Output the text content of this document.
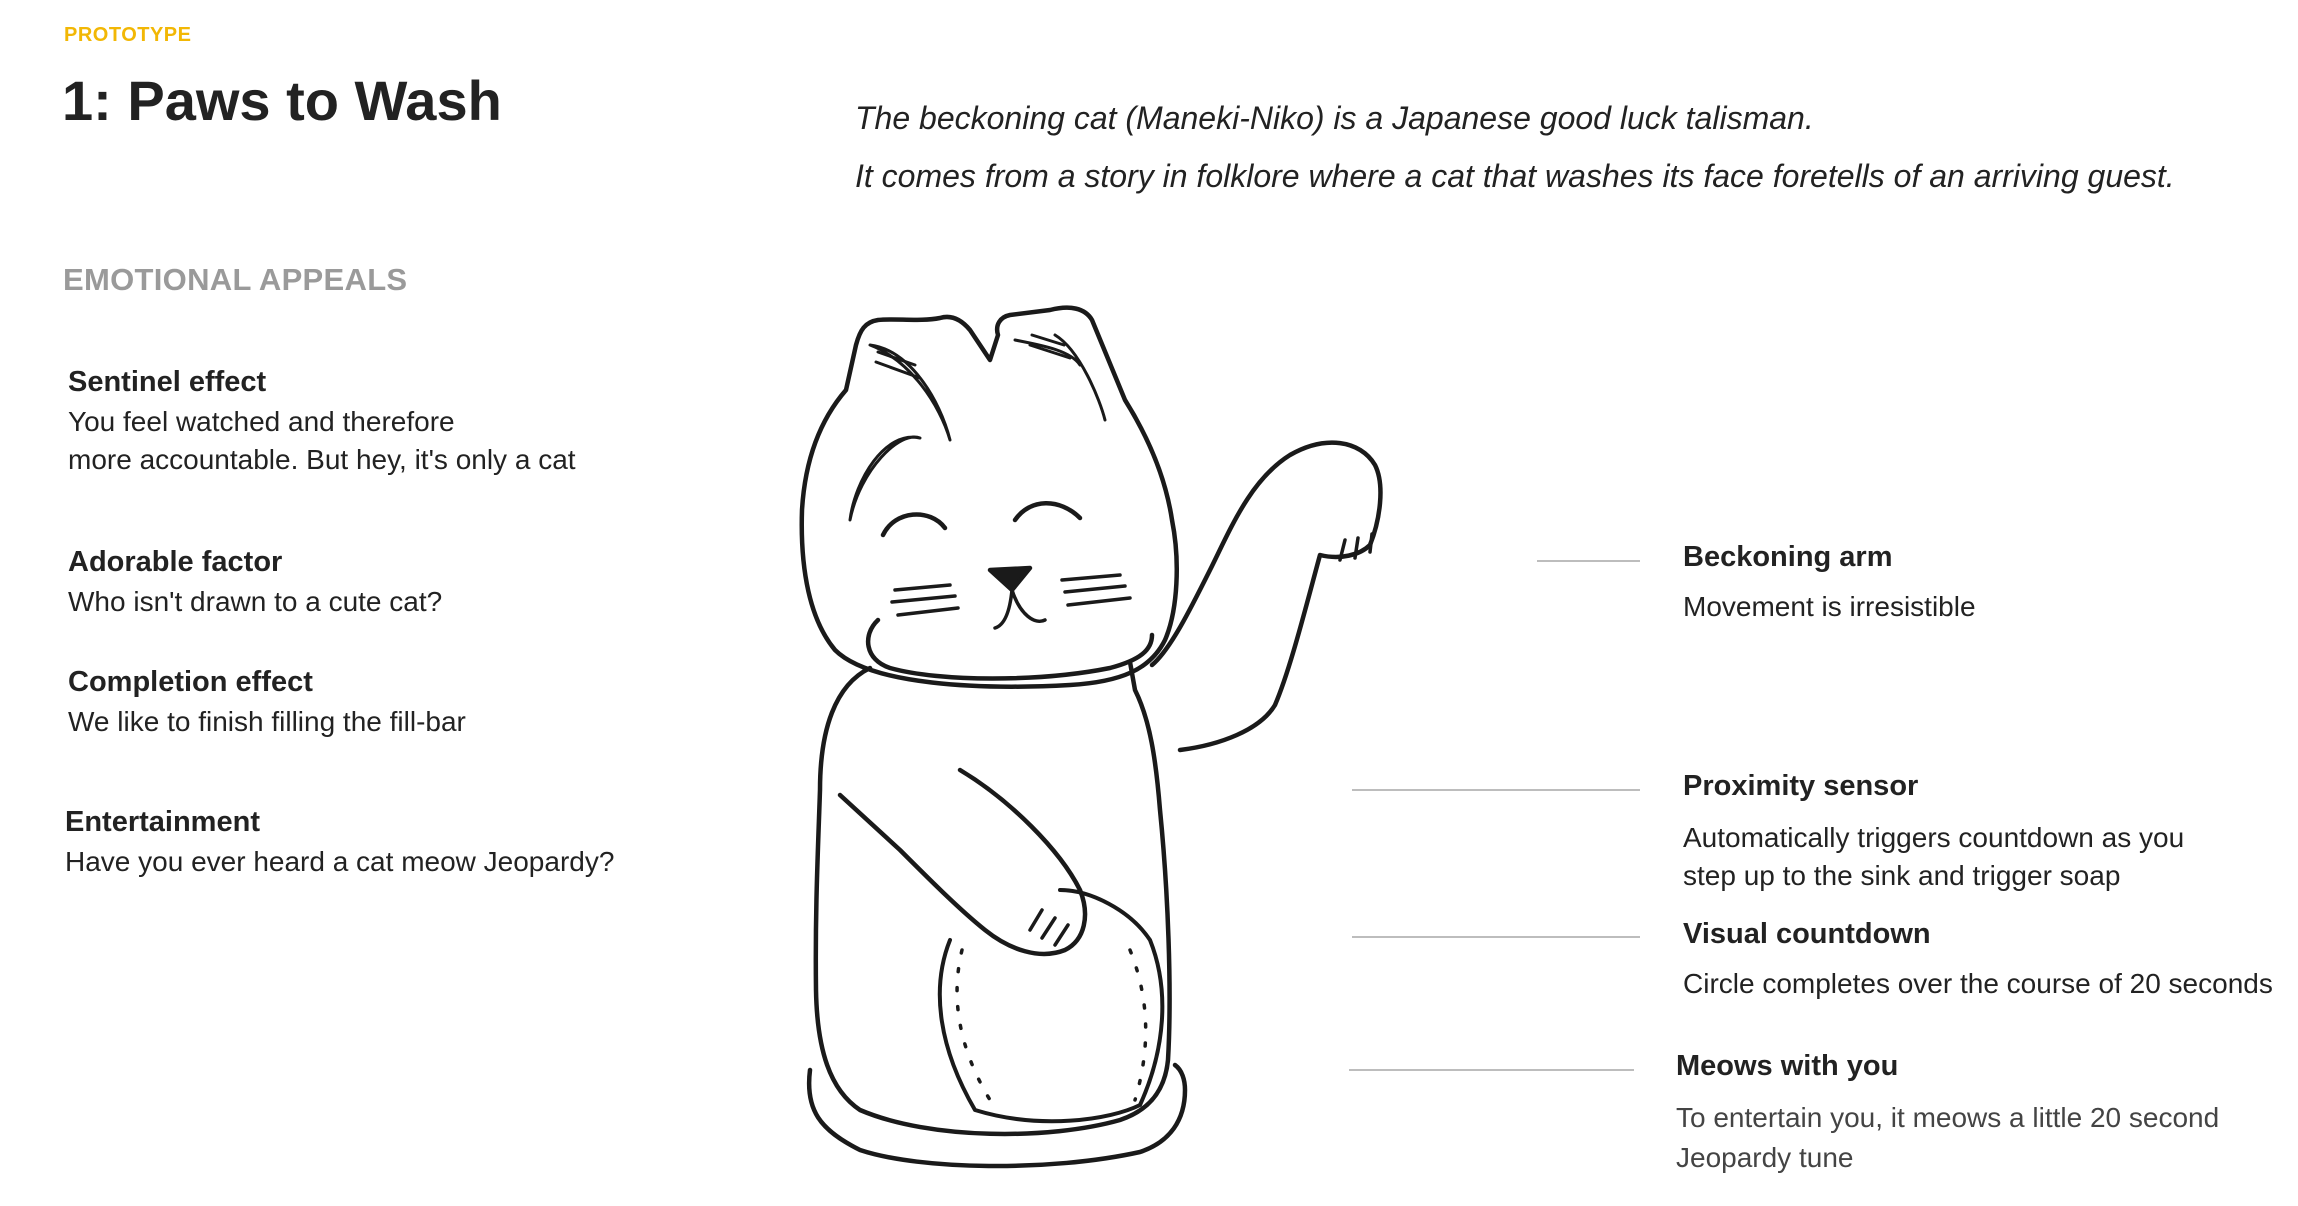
PROTOTYPE
1: Paws to Wash	The beckoning cat (Maneki-Niko) is a Japanese good luck talisman.
It comes from a story in folklore where a cat that washes its face foretells of an arriving guest.
EMOTIONAL APPEALS
Sentinel effect
You feel watched and therefore
more accountable. But hey, it's only a cat
Adorable factor
Who isn't drawn to a cute cat?
Completion effect
We like to finish filling the fill-bar
Entertainment
Have you ever heard a cat meow Jeopardy?
Beckoning arm
Movement is irresistible
Proximity sensor
Automatically triggers countdown as you
step up to the sink and trigger soap
Visual countdown
Circle completes over the course of 20 seconds
Meows with you
To entertain you, it meows a little 20 second
Jeopardy tune
